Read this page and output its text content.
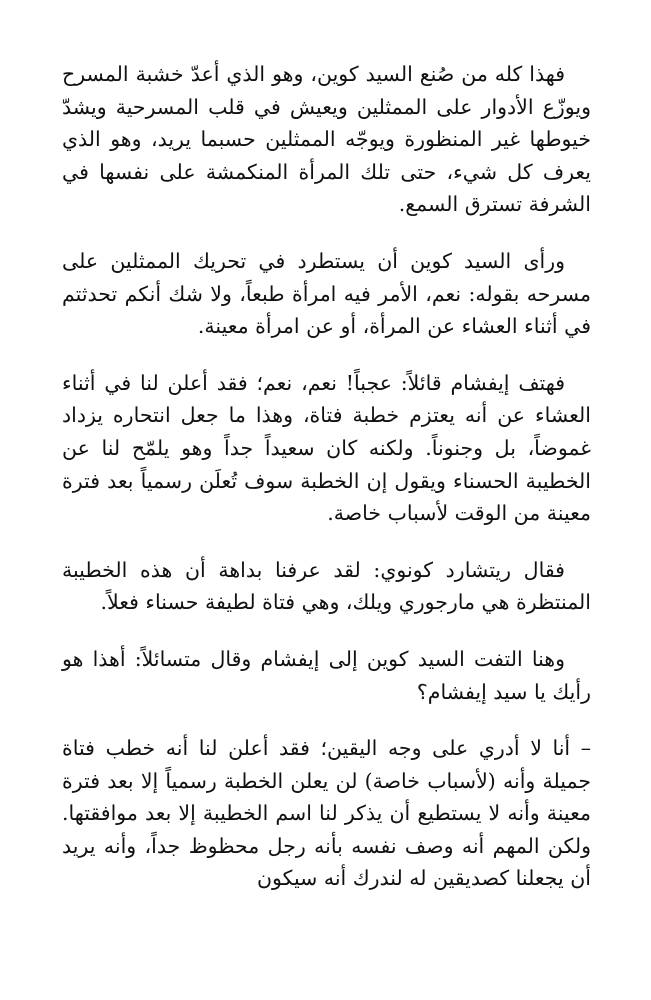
فهذا كله من صُنع السيد كوين، وهو الذي أعدّ خشبة المسرح ويوزّع الأدوار على الممثلين ويعيش في قلب المسرحية ويشدّ خيوطها غير المنظورة ويوجّه الممثلين حسبما يريد، وهو الذي يعرف كل شيء، حتى تلك المرأة المنكمشة على نفسها في الشرفة تسترق السمع.

ورأى السيد كوين أن يستطرد في تحريك الممثلين على مسرحه بقوله: نعم، الأمر فيه امرأة طبعاً، ولا شك أنكم تحدثتم في أثناء العشاء عن المرأة، أو عن امرأة معينة.

فهتف إيفشام قائلاً: عجباً! نعم، نعم؛ فقد أعلن لنا في أثناء العشاء عن أنه يعتزم خطبة فتاة، وهذا ما جعل انتحاره يزداد غموضاً، بل وجنوناً. ولكنه كان سعيداً جداً وهو يلمّح لنا عن الخطيبة الحسناء ويقول إن الخطبة سوف تُعلَن رسمياً بعد فترة معينة من الوقت لأسباب خاصة.

فقال ريتشارد كونوي: لقد عرفنا بداهة أن هذه الخطيبة المنتظرة هي مارجوري ويلك، وهي فتاة لطيفة حسناء فعلاً.

وهنا التفت السيد كوين إلى إيفشام وقال متسائلاً: أهذا هو رأيك يا سيد إيفشام؟

– أنا لا أدري على وجه اليقين؛ فقد أعلن لنا أنه خطب فتاة جميلة وأنه (لأسباب خاصة) لن يعلن الخطبة رسمياً إلا بعد فترة معينة وأنه لا يستطيع أن يذكر لنا اسم الخطيبة إلا بعد موافقتها. ولكن المهم أنه وصف نفسه بأنه رجل محظوظ جداً، وأنه يريد أن يجعلنا كصديقين له لندرك أنه سيكون
